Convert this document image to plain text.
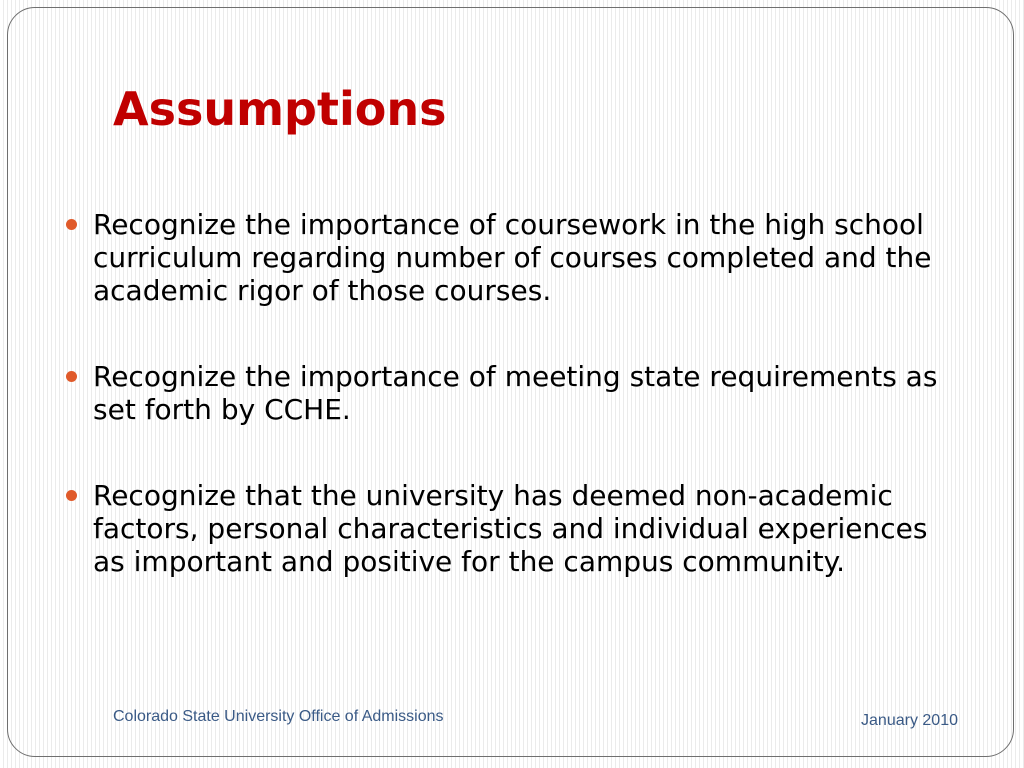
Assumptions
Recognize the importance of coursework in the high school curriculum regarding number of courses completed and the academic rigor of those courses.
Recognize the importance of meeting state requirements as set forth by CCHE.
Recognize that the university has deemed non-academic factors, personal characteristics and individual experiences as important and positive for the campus community.
Colorado State University Office of Admissions	January 2010
